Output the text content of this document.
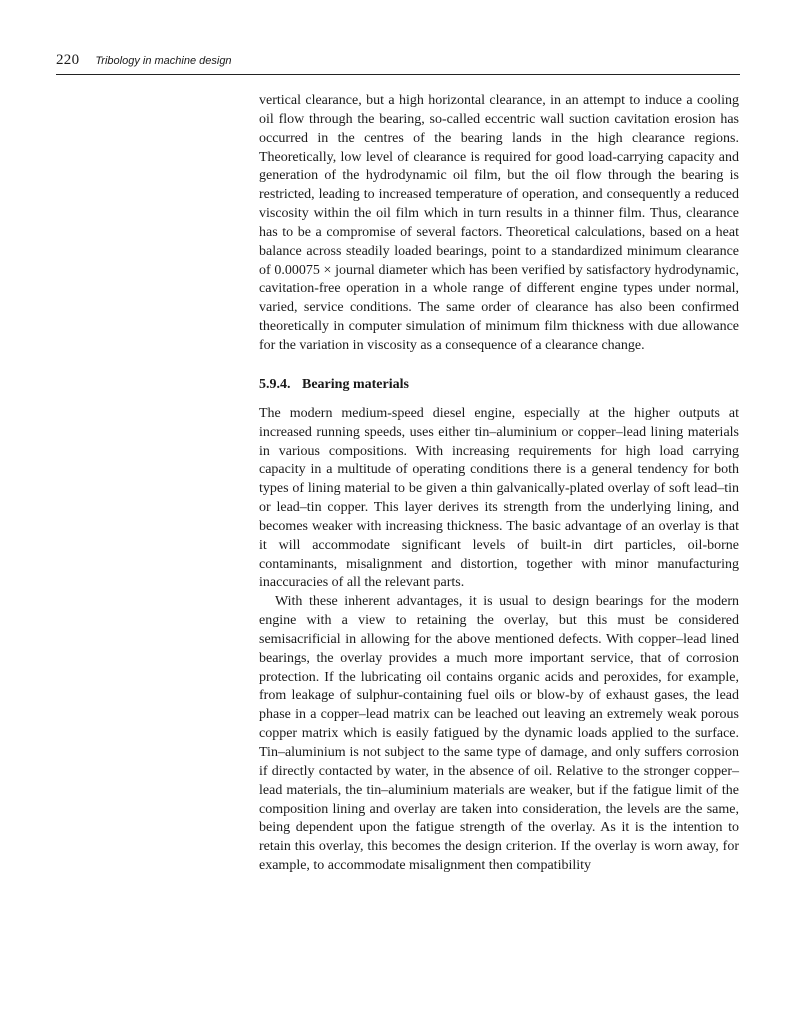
220 Tribology in machine design

vertical clearance, but a high horizontal clearance, in an attempt to induce a cooling oil flow through the bearing, so-called eccentric wall suction cavitation erosion has occurred in the centres of the bearing lands in the high clearance regions. Theoretically, low level of clearance is required for good load-carrying capacity and generation of the hydrodynamic oil film, but the oil flow through the bearing is restricted, leading to increased temperature of operation, and consequently a reduced viscosity within the oil film which in turn results in a thinner film. Thus, clearance has to be a compromise of several factors. Theoretical calculations, based on a heat balance across steadily loaded bearings, point to a standardized minimum clearance of 0.00075 × journal diameter which has been verified by satisfactory hydrodynamic, cavitation-free operation in a whole range of different engine types under normal, varied, service conditions. The same order of clearance has also been confirmed theoretically in computer simulation of minimum film thickness with due allowance for the variation in viscosity as a consequence of a clearance change.

5.9.4. Bearing materials

The modern medium-speed diesel engine, especially at the higher outputs at increased running speeds, uses either tin–aluminium or copper–lead lining materials in various compositions. With increasing requirements for high load carrying capacity in a multitude of operating conditions there is a general tendency for both types of lining material to be given a thin galvanically-plated overlay of soft lead–tin or lead–tin copper. This layer derives its strength from the underlying lining, and becomes weaker with increasing thickness. The basic advantage of an overlay is that it will accommodate significant levels of built-in dirt particles, oil-borne contaminants, misalignment and distortion, together with minor manufacturing inaccuracies of all the relevant parts.

With these inherent advantages, it is usual to design bearings for the modern engine with a view to retaining the overlay, but this must be considered semisacrificial in allowing for the above mentioned defects. With copper–lead lined bearings, the overlay provides a much more important service, that of corrosion protection. If the lubricating oil contains organic acids and peroxides, for example, from leakage of sulphur-containing fuel oils or blow-by of exhaust gases, the lead phase in a copper–lead matrix can be leached out leaving an extremely weak porous copper matrix which is easily fatigued by the dynamic loads applied to the surface. Tin–aluminium is not subject to the same type of damage, and only suffers corrosion if directly contacted by water, in the absence of oil. Relative to the stronger copper–lead materials, the tin–aluminium materials are weaker, but if the fatigue limit of the composition lining and overlay are taken into consideration, the levels are the same, being dependent upon the fatigue strength of the overlay. As it is the intention to retain this overlay, this becomes the design criterion. If the overlay is worn away, for example, to accommodate misalignment then compatibility
